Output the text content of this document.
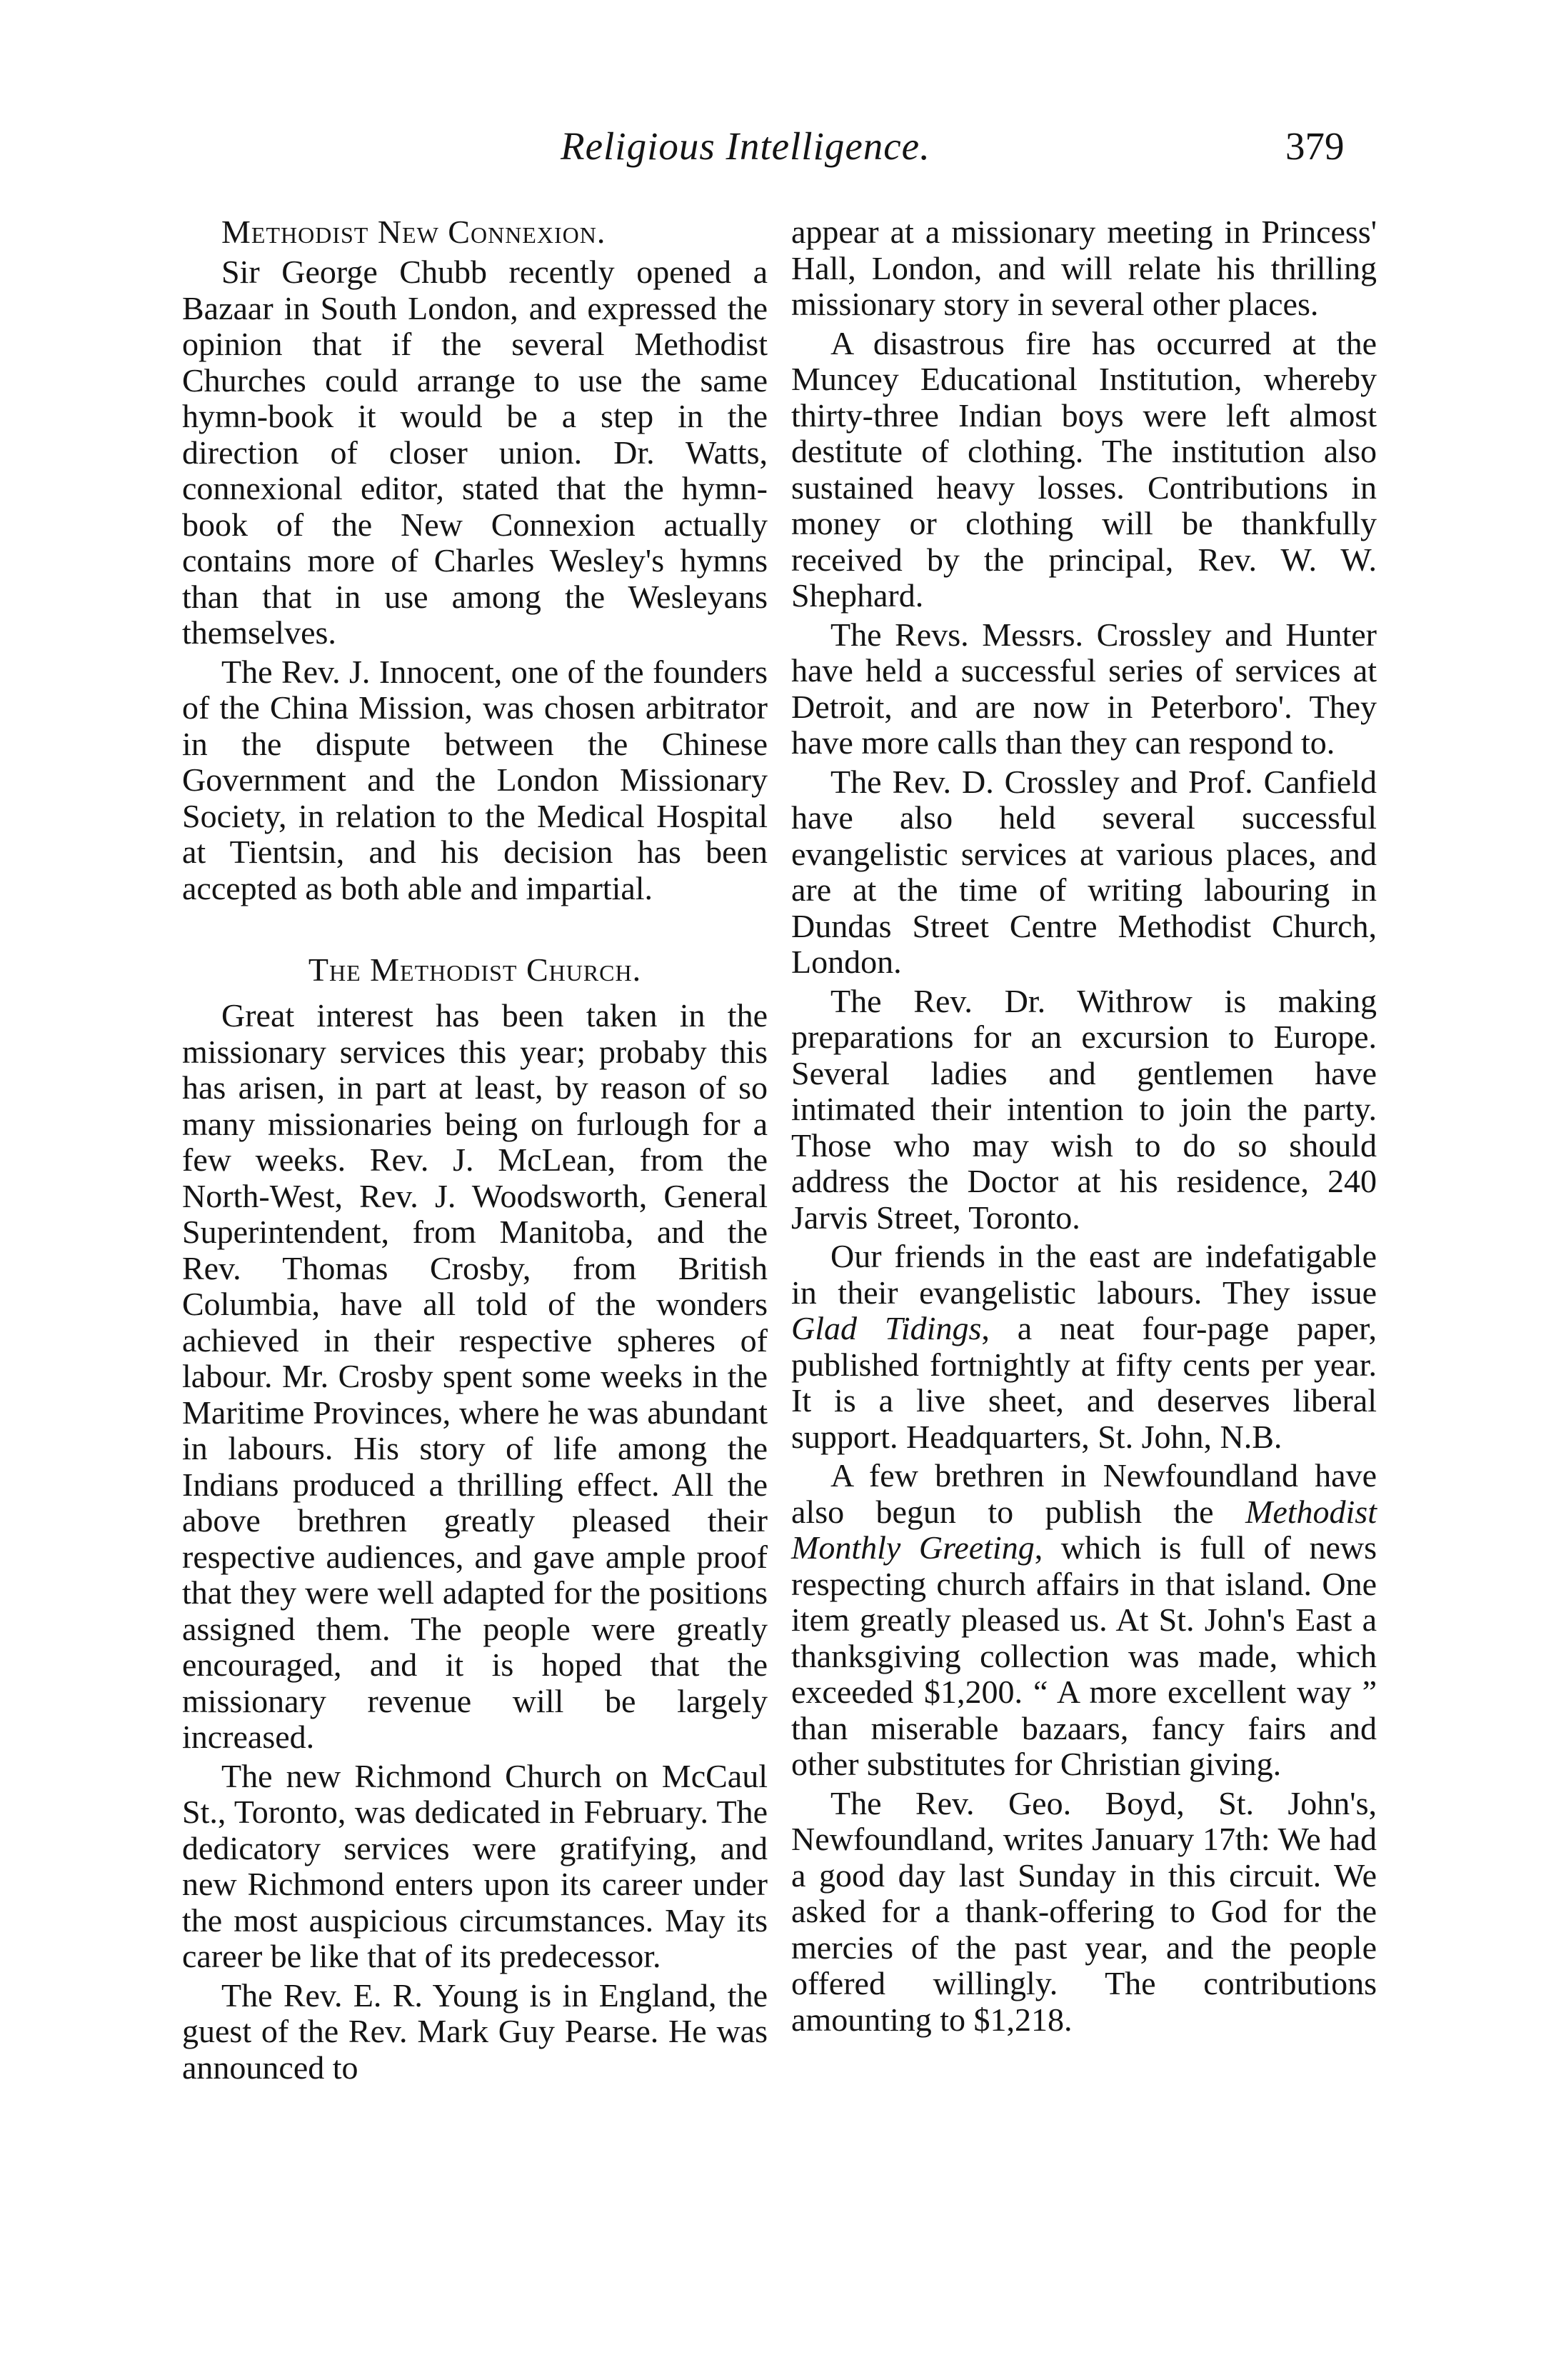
Religious Intelligence.	379
Methodist New Connexion.

Sir George Chubb recently opened a Bazaar in South London, and expressed the opinion that if the several Methodist Churches could arrange to use the same hymn-book it would be a step in the direction of closer union. Dr. Watts, connexional editor, stated that the hymn-book of the New Connexion actually contains more of Charles Wesley's hymns than that in use among the Wesleyans themselves.

The Rev. J. Innocent, one of the founders of the China Mission, was chosen arbitrator in the dispute between the Chinese Government and the London Missionary Society, in relation to the Medical Hospital at Tientsin, and his decision has been accepted as both able and impartial.

The Methodist Church.

Great interest has been taken in the missionary services this year; probaby this has arisen, in part at least, by reason of so many missionaries being on furlough for a few weeks. Rev. J. McLean, from the North-West, Rev. J. Woodsworth, General Superintendent, from Manitoba, and the Rev. Thomas Crosby, from British Columbia, have all told of the wonders achieved in their respective spheres of labour. Mr. Crosby spent some weeks in the Maritime Provinces, where he was abundant in labours. His story of life among the Indians produced a thrilling effect. All the above brethren greatly pleased their respective audiences, and gave ample proof that they were well adapted for the positions assigned them. The people were greatly encouraged, and it is hoped that the missionary revenue will be largely increased.

The new Richmond Church on McCaul St., Toronto, was dedicated in February. The dedicatory services were gratifying, and new Richmond enters upon its career under the most auspicious circumstances. May its career be like that of its predecessor.

The Rev. E. R. Young is in England, the guest of the Rev. Mark Guy Pearse. He was announced to

appear at a missionary meeting in Princess' Hall, London, and will relate his thrilling missionary story in several other places.

A disastrous fire has occurred at the Muncey Educational Institution, whereby thirty-three Indian boys were left almost destitute of clothing. The institution also sustained heavy losses. Contributions in money or clothing will be thankfully received by the principal, Rev. W. W. Shephard.

The Revs. Messrs. Crossley and Hunter have held a successful series of services at Detroit, and are now in Peterboro'. They have more calls than they can respond to.

The Rev. D. Crossley and Prof. Canfield have also held several successful evangelistic services at various places, and are at the time of writing labouring in Dundas Street Centre Methodist Church, London.

The Rev. Dr. Withrow is making preparations for an excursion to Europe. Several ladies and gentlemen have intimated their intention to join the party. Those who may wish to do so should address the Doctor at his residence, 240 Jarvis Street, Toronto.

Our friends in the east are indefatigable in their evangelistic labours. They issue Glad Tidings, a neat four-page paper, published fortnightly at fifty cents per year. It is a live sheet, and deserves liberal support. Headquarters, St. John, N.B.

A few brethren in Newfoundland have also begun to publish the Methodist Monthly Greeting, which is full of news respecting church affairs in that island. One item greatly pleased us. At St. John's East a thanksgiving collection was made, which exceeded $1,200. “ A more excellent way ” than miserable bazaars, fancy fairs and other substitutes for Christian giving.

The Rev. Geo. Boyd, St. John's, Newfoundland, writes January 17th: We had a good day last Sunday in this circuit. We asked for a thank-offering to God for the mercies of the past year, and the people offered willingly. The contributions amounting to $1,218.
